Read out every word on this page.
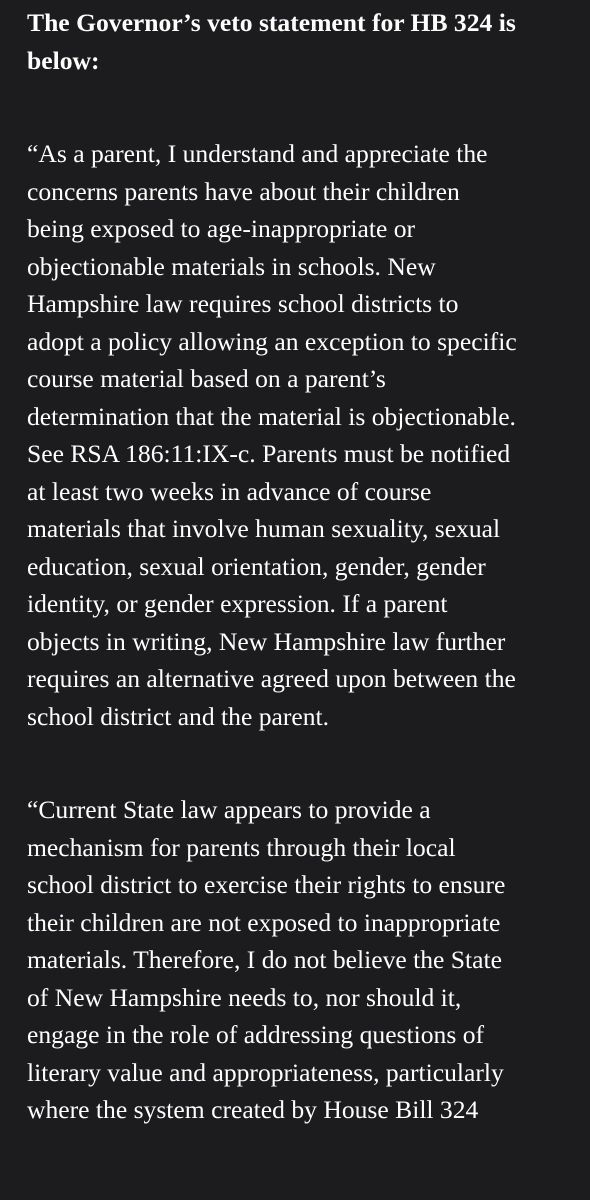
The Governor’s veto statement for HB 324 is
below:

“As a parent, I understand and appreciate the
concerns parents have about their children
being exposed to age-inappropriate or
objectionable materials in schools. New
Hampshire law requires school districts to
adopt a policy allowing an exception to specific
course material based on a parent’s
determination that the material is objectionable.
See RSA 186:11:IX-c. Parents must be notified
at least two weeks in advance of course
materials that involve human sexuality, sexual
education, sexual orientation, gender, gender
identity, or gender expression. If a parent
objects in writing, New Hampshire law further
requires an alternative agreed upon between the
school district and the parent.

“Current State law appears to provide a
mechanism for parents through their local
school district to exercise their rights to ensure
their children are not exposed to inappropriate
materials. Therefore, I do not believe the State
of New Hampshire needs to, nor should it,
engage in the role of addressing questions of
literary value and appropriateness, particularly
where the system created by House Bill 324
